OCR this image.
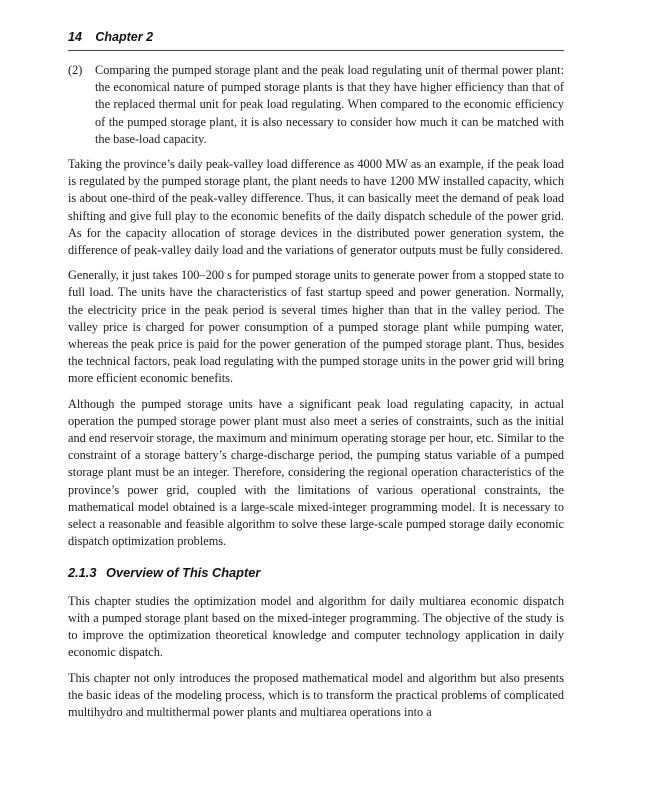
14 Chapter 2
(2) Comparing the pumped storage plant and the peak load regulating unit of thermal power plant: the economical nature of pumped storage plants is that they have higher efficiency than that of the replaced thermal unit for peak load regulating. When compared to the economic efficiency of the pumped storage plant, it is also necessary to consider how much it can be matched with the base-load capacity.

Taking the province’s daily peak-valley load difference as 4000 MW as an example, if the peak load is regulated by the pumped storage plant, the plant needs to have 1200 MW installed capacity, which is about one-third of the peak-valley difference. Thus, it can basically meet the demand of peak load shifting and give full play to the economic benefits of the daily dispatch schedule of the power grid. As for the capacity allocation of storage devices in the distributed power generation system, the difference of peak-valley daily load and the variations of generator outputs must be fully considered.

Generally, it just takes 100–200 s for pumped storage units to generate power from a stopped state to full load. The units have the characteristics of fast startup speed and power generation. Normally, the electricity price in the peak period is several times higher than that in the valley period. The valley price is charged for power consumption of a pumped storage plant while pumping water, whereas the peak price is paid for the power generation of the pumped storage plant. Thus, besides the technical factors, peak load regulating with the pumped storage units in the power grid will bring more efficient economic benefits.

Although the pumped storage units have a significant peak load regulating capacity, in actual operation the pumped storage power plant must also meet a series of constraints, such as the initial and end reservoir storage, the maximum and minimum operating storage per hour, etc. Similar to the constraint of a storage battery’s charge-discharge period, the pumping status variable of a pumped storage plant must be an integer. Therefore, considering the regional operation characteristics of the province’s power grid, coupled with the limitations of various operational constraints, the mathematical model obtained is a large-scale mixed-integer programming model. It is necessary to select a reasonable and feasible algorithm to solve these large-scale pumped storage daily economic dispatch optimization problems.

2.1.3 Overview of This Chapter

This chapter studies the optimization model and algorithm for daily multiarea economic dispatch with a pumped storage plant based on the mixed-integer programming. The objective of the study is to improve the optimization theoretical knowledge and computer technology application in daily economic dispatch.

This chapter not only introduces the proposed mathematical model and algorithm but also presents the basic ideas of the modeling process, which is to transform the practical problems of complicated multihydro and multithermal power plants and multiarea operations into a
